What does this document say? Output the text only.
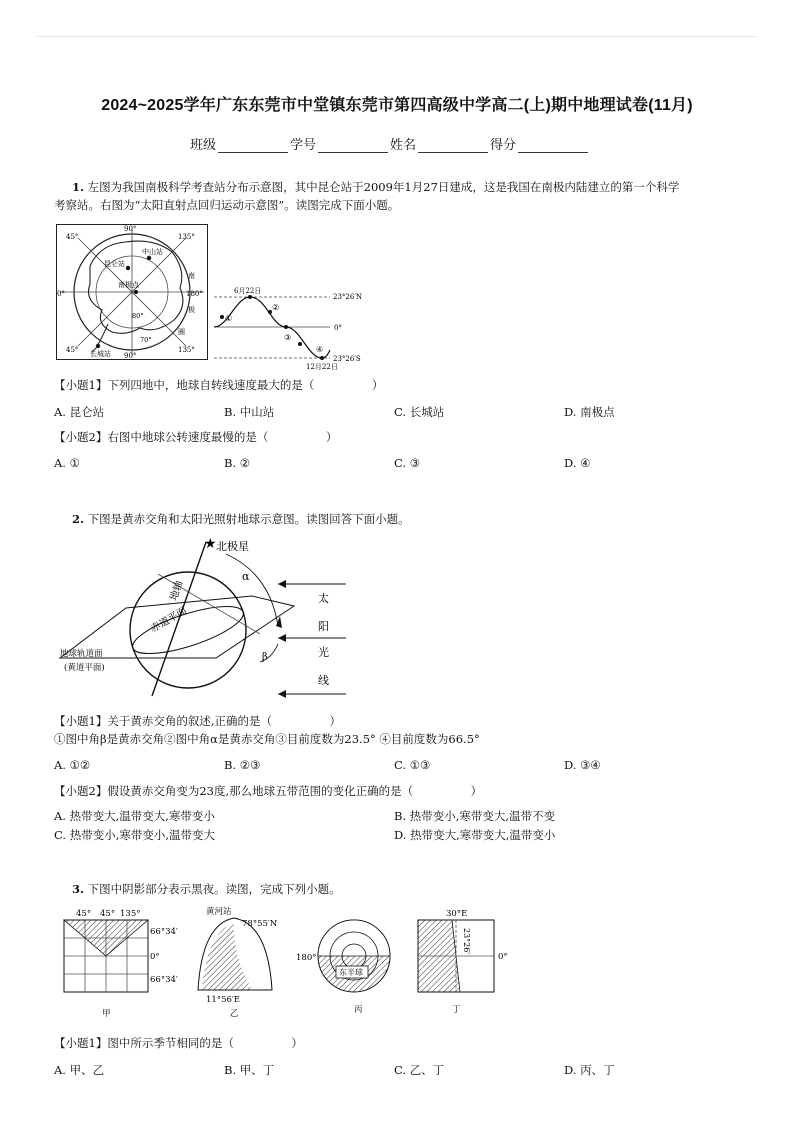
2024~2025学年广东东莞市中堂镇东莞市第四高级中学高二(上)期中地理试卷(11月)
班级	学号	姓名	得分
1. 左图为我国南极科学考查站分布示意图，其中昆仑站于2009年1月27日建成，这是我国在南极内陆建立的第一个科学
考察站。右图为“太阳直射点回归运动示意图”。读图完成下面小题。
90°
45°	135°
0°	180°
45°	135°
90°
中山站
昆仑站
南极点
长城站
80°
70°
南
极
圈
6月22日
23°26′N
0°
23°26′S
12月22日
①
②
③
④
【小题1】下列四地中，地球自转线速度最大的是（　　　　　）
A. 昆仑站	B. 中山站	C. 长城站	D. 南极点
【小题2】右图中地球公转速度最慢的是（　　　　　）
A. ①	B. ②	C. ③	D. ④
2. 下图是黄赤交角和太阳光照射地球示意图。读图回答下面小题。
★ 北极星
地轴
α
赤道平面
β
地球轨道面
(黄道平面)
太
阳
光
线
【小题1】关于黄赤交角的叙述,正确的是（　　　　　）
①图中角β是黄赤交角②图中角α是黄赤交角③目前度数为23.5° ④目前度数为66.5°
A. ①②	B. ②③	C. ①③	D. ③④
【小题2】假设黄赤交角变为23度,那么地球五带范围的变化正确的是（　　　　　）
A. 热带变大,温带变大,寒带变小	B. 热带变小,寒带变大,温带不变
C. 热带变小,寒带变小,温带变大	D. 热带变大,寒带变大,温带变小
3. 下图中阴影部分表示黑夜。读图，完成下列小题。
45° 45° 135°
66°34′
0°
66°34′
甲
黄河站
78°55′N
11°56′E
乙
180°
东半球
丙
30°E
23°26′
0°
丁
【小题1】图中所示季节相同的是（　　　　　）
A. 甲、乙	B. 甲、丁	C. 乙、丁	D. 丙、丁
